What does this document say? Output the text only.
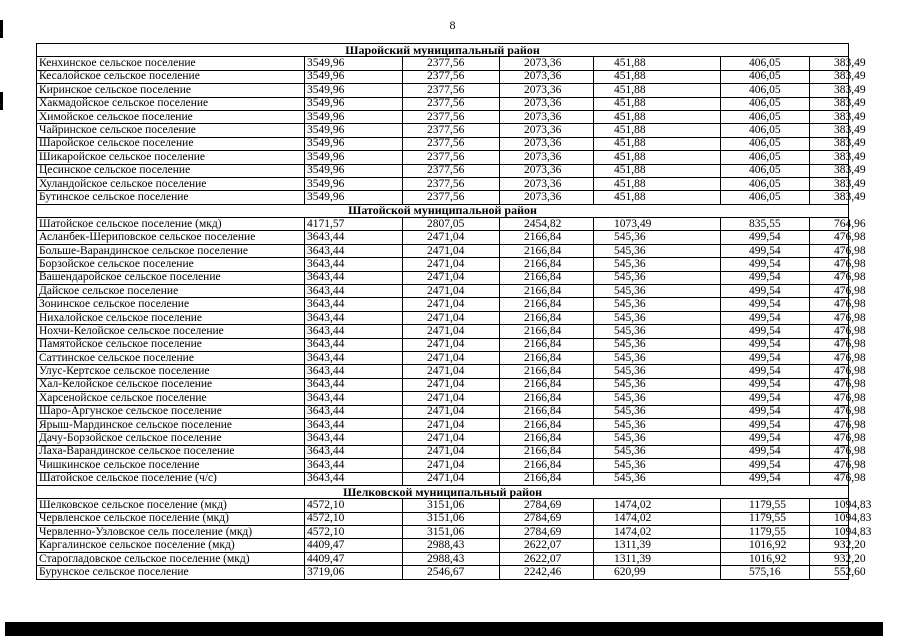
8
Шаройский муниципальный район						
Кенхинское сельское поселение	3549,96	2377,56	2073,36	451,88	406,05	383,49
Кесалойское сельское поселение	3549,96	2377,56	2073,36	451,88	406,05	383,49
Киринское сельское поселение	3549,96	2377,56	2073,36	451,88	406,05	383,49
Хакмадойское сельское поселение	3549,96	2377,56	2073,36	451,88	406,05	383,49
Химойское сельское поселение	3549,96	2377,56	2073,36	451,88	406,05	383,49
Чайринское сельское поселение	3549,96	2377,56	2073,36	451,88	406,05	383,49
Шаройское сельское поселение	3549,96	2377,56	2073,36	451,88	406,05	383,49
Шикаройское сельское поселение	3549,96	2377,56	2073,36	451,88	406,05	383,49
Цесинское сельское поселение	3549,96	2377,56	2073,36	451,88	406,05	383,49
Хуландойское сельское поселение	3549,96	2377,56	2073,36	451,88	406,05	383,49
Бутинское сельское поселение	3549,96	2377,56	2073,36	451,88	406,05	383,49
Шатойской муниципальной район						
Шатойское сельское поселение (мкд)	4171,57	2807,05	2454,82	1073,49	835,55	764,96
Асланбек-Шериповское сельское поселение	3643,44	2471,04	2166,84	545,36	499,54	476,98
Больше-Варандинское сельское поселение	3643,44	2471,04	2166,84	545,36	499,54	476,98
Борзойское сельское поселение	3643,44	2471,04	2166,84	545,36	499,54	476,98
Вашендаройское сельское поселение	3643,44	2471,04	2166,84	545,36	499,54	476,98
Дайское сельское поселение	3643,44	2471,04	2166,84	545,36	499,54	476,98
Зонинское сельское поселение	3643,44	2471,04	2166,84	545,36	499,54	476,98
Нихалойское сельское поселение	3643,44	2471,04	2166,84	545,36	499,54	476,98
Нохчи-Келойское сельское поселение	3643,44	2471,04	2166,84	545,36	499,54	476,98
Памятойское сельское поселение	3643,44	2471,04	2166,84	545,36	499,54	476,98
Саттинское сельское поселение	3643,44	2471,04	2166,84	545,36	499,54	476,98
Улус-Кертское сельское поселение	3643,44	2471,04	2166,84	545,36	499,54	476,98
Хал-Келойское сельское поселение	3643,44	2471,04	2166,84	545,36	499,54	476,98
Харсенойское сельское поселение	3643,44	2471,04	2166,84	545,36	499,54	476,98
Шаро-Аргунское сельское поселение	3643,44	2471,04	2166,84	545,36	499,54	476,98
Ярыш-Мардинское сельское поселение	3643,44	2471,04	2166,84	545,36	499,54	476,98
Дачу-Борзойское сельское поселение	3643,44	2471,04	2166,84	545,36	499,54	476,98
Лаха-Варандинское сельское поселение	3643,44	2471,04	2166,84	545,36	499,54	476,98
Чишкинское сельское поселение	3643,44	2471,04	2166,84	545,36	499,54	476,98
Шатойское сельское поселение (ч/с)	3643,44	2471,04	2166,84	545,36	499,54	476,98
Шелковской муниципальный район						
Шелковское сельское поселение (мкд)	4572,10	3151,06	2784,69	1474,02	1179,55	1094,83
Червленское сельское поселение (мкд)	4572,10	3151,06	2784,69	1474,02	1179,55	1094,83
Червленно-Узловское сель поселение (мкд)	4572,10	3151,06	2784,69	1474,02	1179,55	1094,83
Каргалинское сельское поселение (мкд)	4409,47	2988,43	2622,07	1311,39	1016,92	932,20
Старогладовское сельское поселение (мкд)	4409,47	2988,43	2622,07	1311,39	1016,92	932,20
Бурунское сельское поселение	3719,06	2546,67	2242,46	620,99	575,16	552,60
